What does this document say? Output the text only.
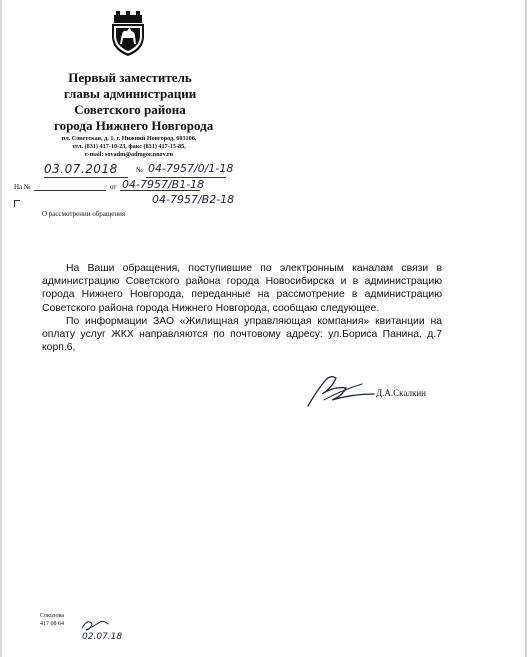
Первый заместитель
главы администрации
Советского района
города Нижнего Новгорода
пл. Советская, д. 1, г. Нижний Новгород, 603106,
тел. (831) 417-10-23, факс (831) 417-15-85,
e-mail: sovadm@admgor.nnov.ru
03.07.2018	№ 04-7957/0/1-18
На №	от 04-7957/В1-18
04-7957/В2-18
О рассмотрении обращения

На Ваши обращения, поступившие по электронным каналам связи в администрацию Советского района города Новосибирска и в администрацию города Нижнего Новгорода, переданные на рассмотрение в администрацию Советского района города Нижнего Новгорода, сообщаю следующее.

По информации ЗАО «Жилищная управляющая компания» квитанции на оплату услуг ЖКХ направляются по почтовому адресу: ул.Бориса Панина, д.7 корп.6,

Д.А.Скалкин
Соколова
417 08 64
02.07.18
